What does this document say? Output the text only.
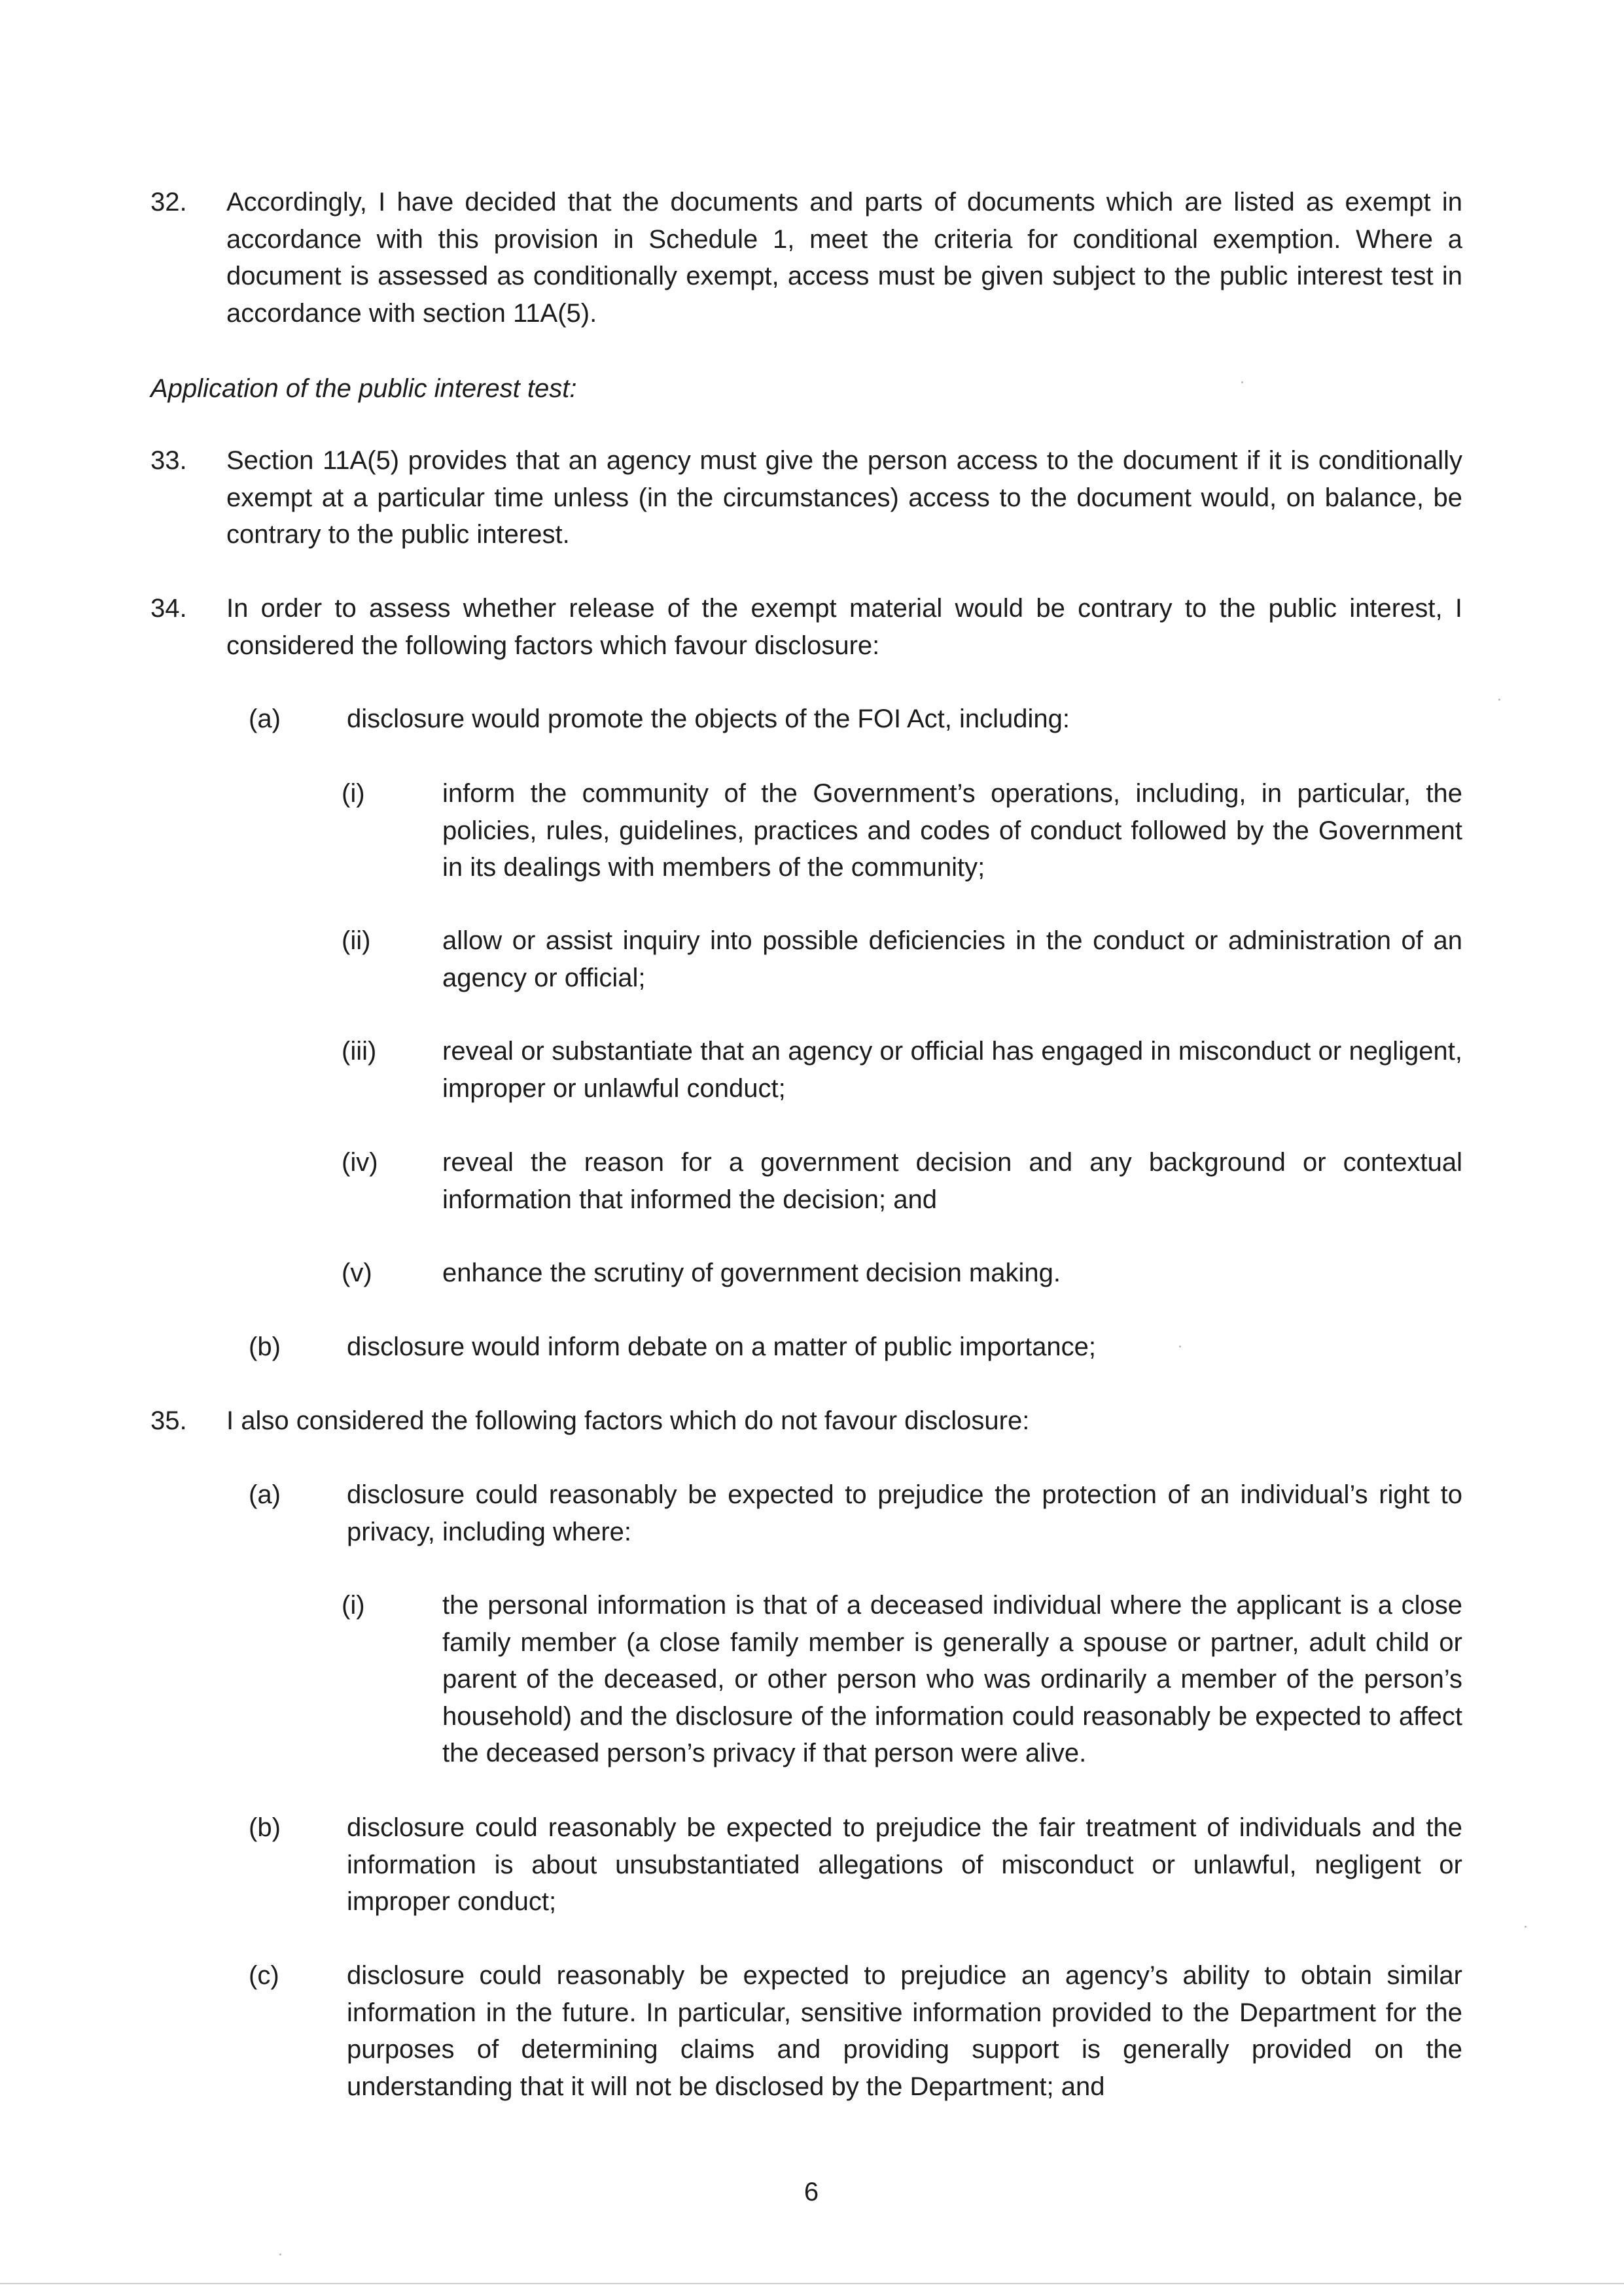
32. Accordingly, I have decided that the documents and parts of documents which are listed as exempt in accordance with this provision in Schedule 1, meet the criteria for conditional exemption. Where a document is assessed as conditionally exempt, access must be given subject to the public interest test in accordance with section 11A(5).
Application of the public interest test:
33. Section 11A(5) provides that an agency must give the person access to the document if it is conditionally exempt at a particular time unless (in the circumstances) access to the document would, on balance, be contrary to the public interest.
34. In order to assess whether release of the exempt material would be contrary to the public interest, I considered the following factors which favour disclosure:
(a)	disclosure would promote the objects of the FOI Act, including:
(i)	inform the community of the Government’s operations, including, in particular, the policies, rules, guidelines, practices and codes of conduct followed by the Government in its dealings with members of the community;
(ii)	allow or assist inquiry into possible deficiencies in the conduct or administration of an agency or official;
(iii)	reveal or substantiate that an agency or official has engaged in misconduct or negligent, improper or unlawful conduct;
(iv) reveal the reason for a government decision and any background or contextual information that informed the decision; and
(v)	enhance the scrutiny of government decision making.
(b)	disclosure would inform debate on a matter of public importance;
35. I also considered the following factors which do not favour disclosure:
(a)	disclosure could reasonably be expected to prejudice the protection of an individual’s right to privacy, including where:
(i)	the personal information is that of a deceased individual where the applicant is a close family member (a close family member is generally a spouse or partner, adult child or parent of the deceased, or other person who was ordinarily a member of the person’s household) and the disclosure of the information could reasonably be expected to affect the deceased person’s privacy if that person were alive.
(b)	disclosure could reasonably be expected to prejudice the fair treatment of individuals and the information is about unsubstantiated allegations of misconduct or unlawful, negligent or improper conduct;
(c)	disclosure could reasonably be expected to prejudice an agency’s ability to obtain similar information in the future. In particular, sensitive information provided to the Department for the purposes of determining claims and providing support is generally provided on the understanding that it will not be disclosed by the Department; and
6
